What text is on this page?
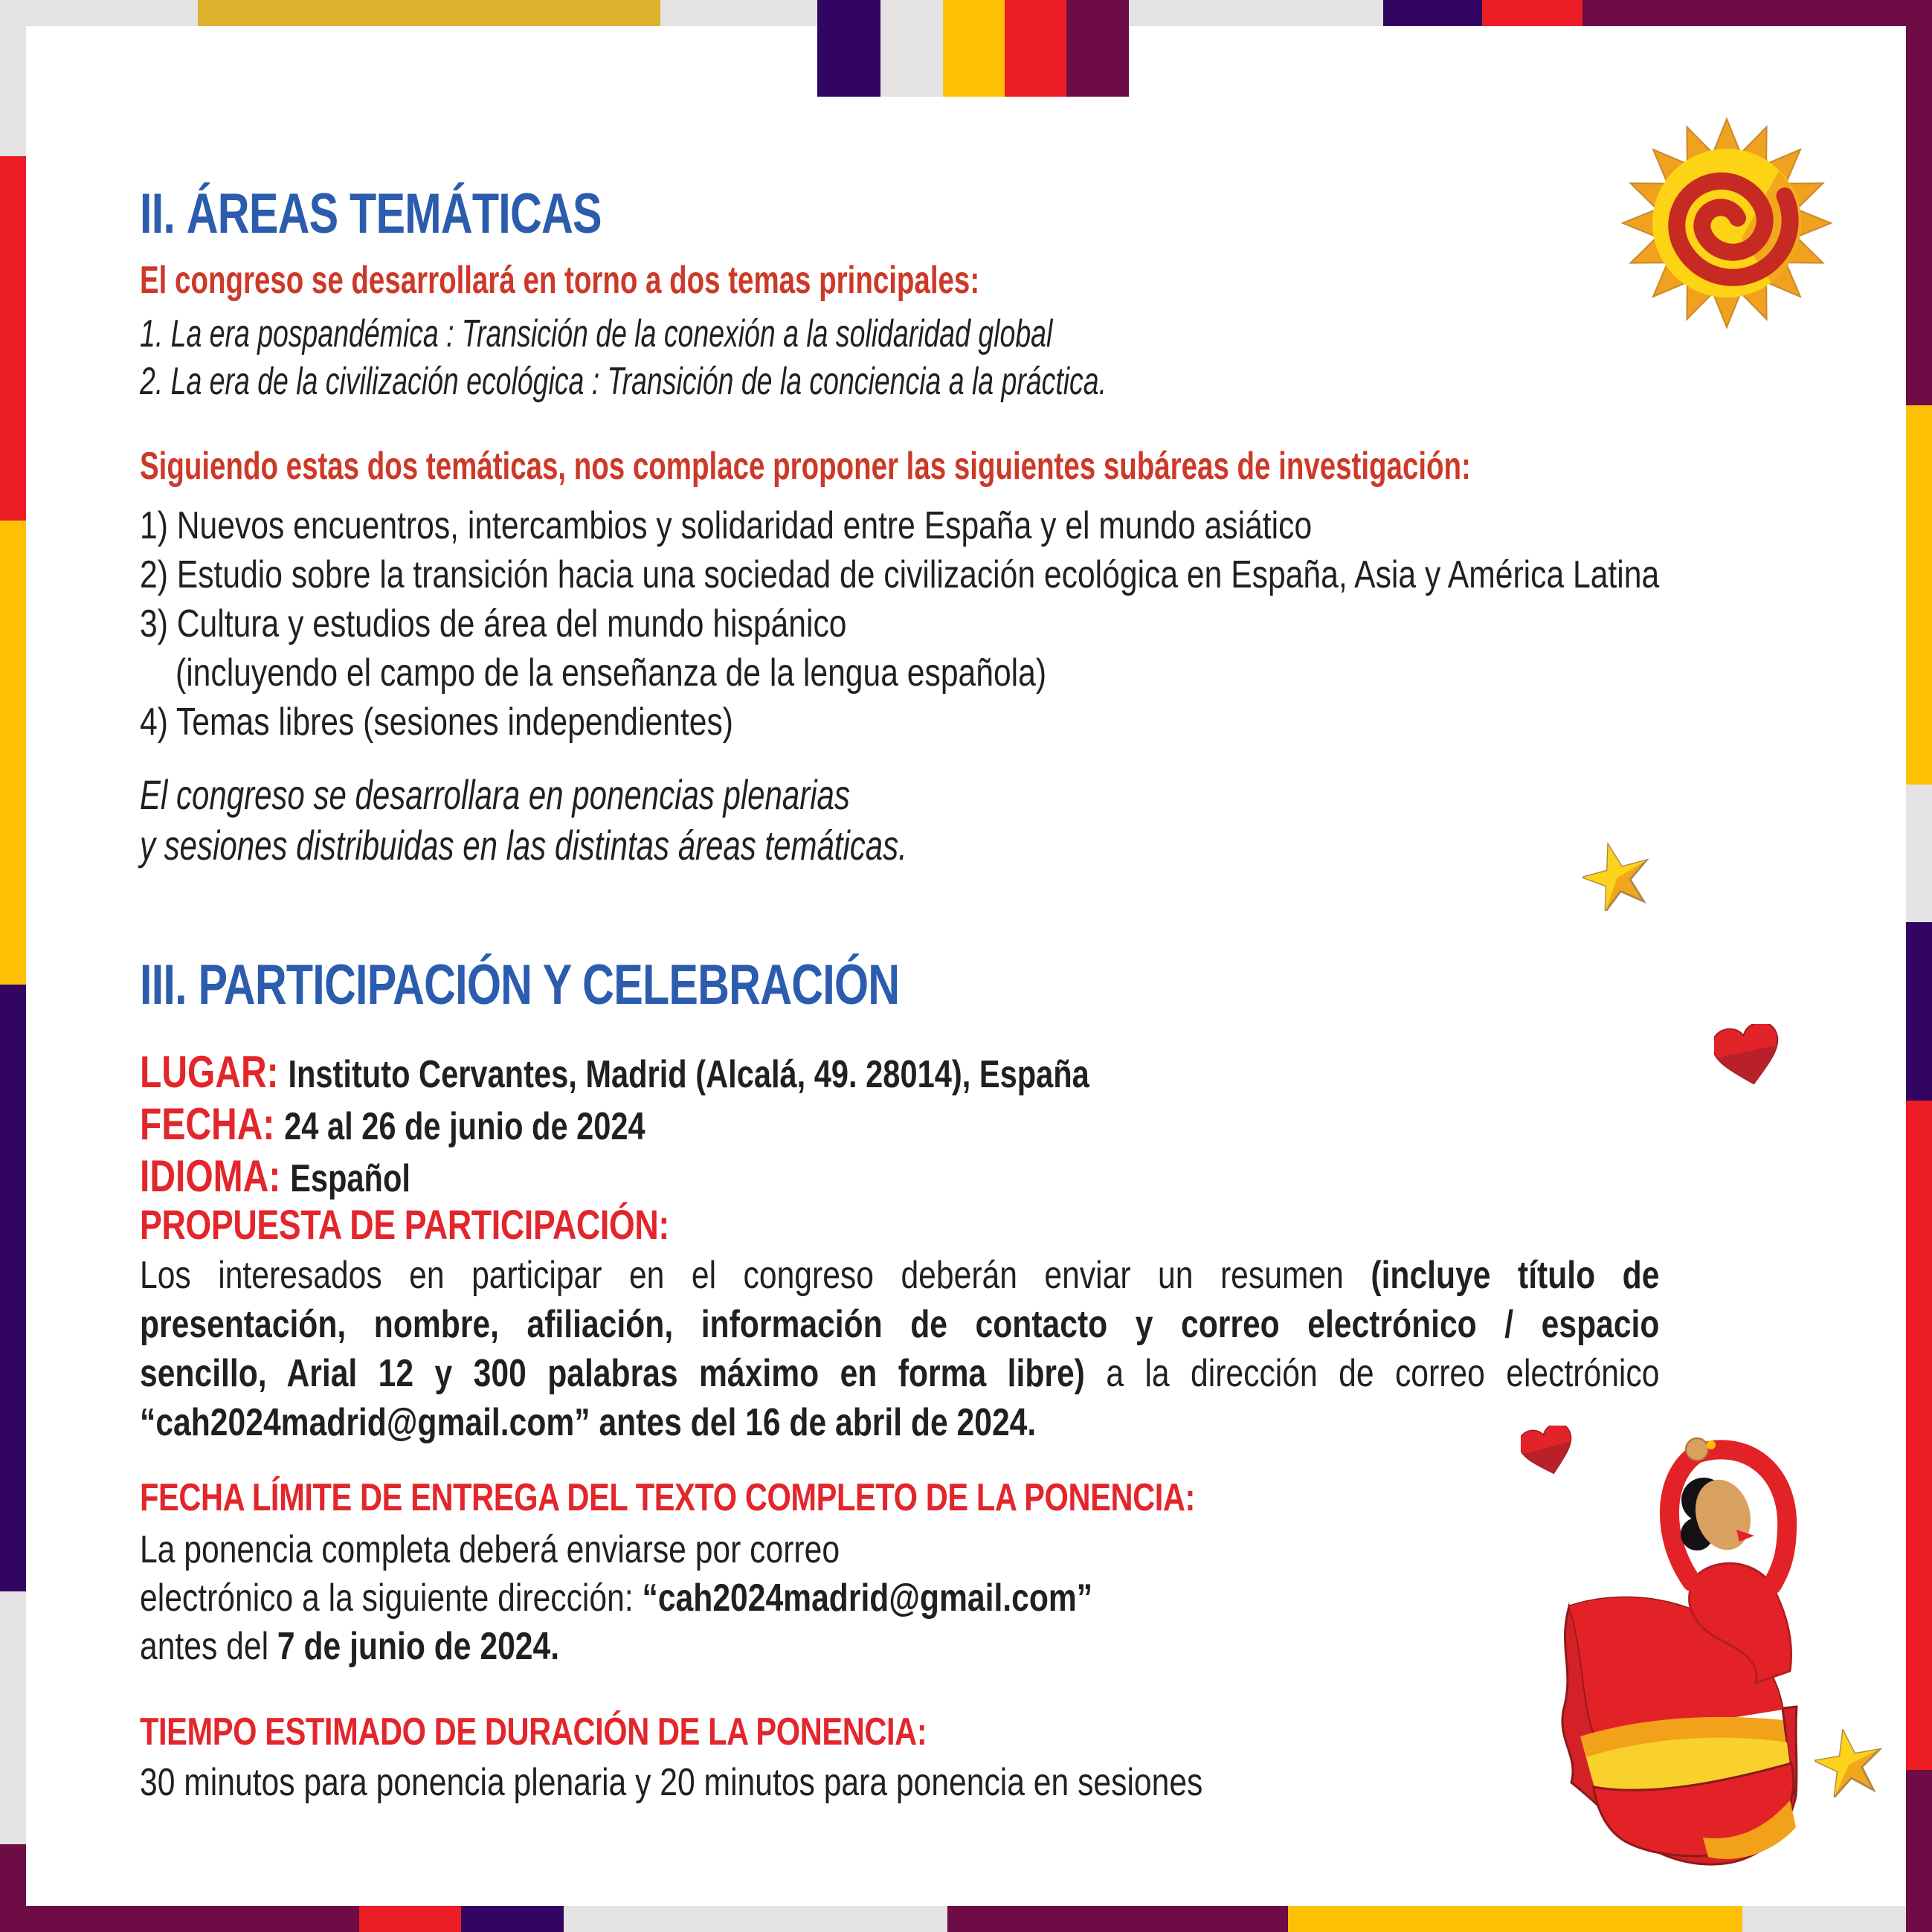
II. ÁREAS TEMÁTICAS
El congreso se desarrollará en torno a dos temas principales:
1. La era pospandémica : Transición de la conexión a la solidaridad global
2. La era de la civilización ecológica : Transición de la conciencia a la práctica.
Siguiendo estas dos temáticas, nos complace proponer las siguientes subáreas de investigación:
1) Nuevos encuentros, intercambios y solidaridad entre España y el mundo asiático
2) Estudio sobre la transición hacia una sociedad de civilización ecológica en España, Asia y América Latina
3) Cultura y estudios de área del mundo hispánico
(incluyendo el campo de la enseñanza de la lengua española)
4) Temas libres (sesiones independientes)
El congreso se desarrollara en ponencias plenarias
y sesiones distribuidas en las distintas áreas temáticas.
III. PARTICIPACIÓN Y CELEBRACIÓN
LUGAR: Instituto Cervantes, Madrid (Alcalá, 49. 28014), España
FECHA: 24 al 26 de junio de 2024
IDIOMA: Español
PROPUESTA DE PARTICIPACIÓN:
Los interesados en participar en el congreso deberán enviar un resumen (incluye título de
presentación, nombre, afiliación, información de contacto y correo electrónico / espacio
sencillo, Arial 12 y 300 palabras máximo en forma libre) a la dirección de correo electrónico
“cah2024madrid@gmail.com” antes del 16 de abril de 2024.
FECHA LÍMITE DE ENTREGA DEL TEXTO COMPLETO DE LA PONENCIA:
La ponencia completa deberá enviarse por correo
electrónico a la siguiente dirección: “cah2024madrid@gmail.com”
antes del 7 de junio de 2024.
TIEMPO ESTIMADO DE DURACIÓN DE LA PONENCIA:
30 minutos para ponencia plenaria y 20 minutos para ponencia en sesiones
